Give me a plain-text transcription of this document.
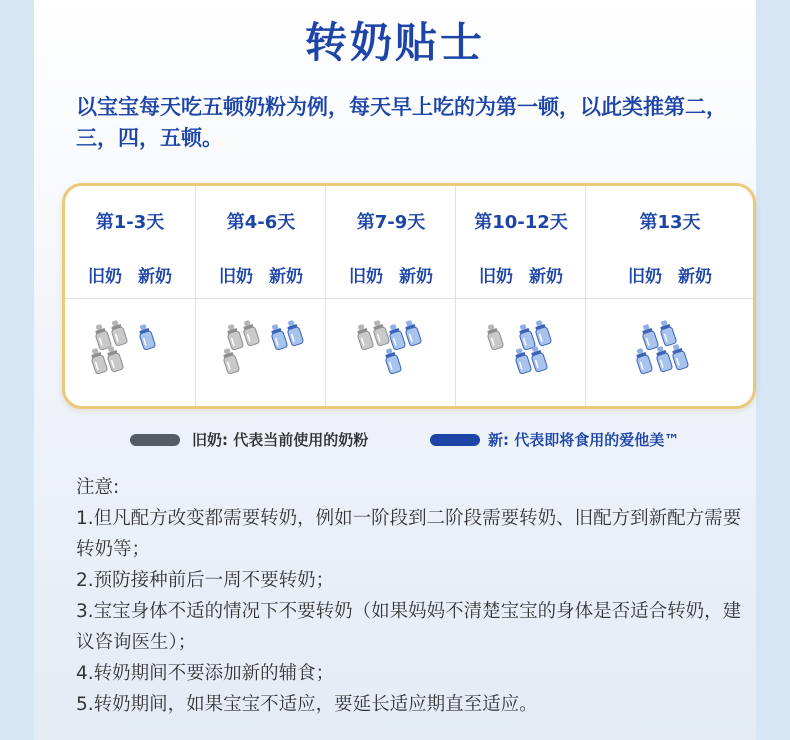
转奶贴士
以宝宝每天吃五顿奶粉为例，每天早上吃的为第一顿，以此类推第二，三，四，五顿。
第1-3天
旧奶 新奶
第4-6天
旧奶 新奶
第7-9天
旧奶 新奶
第10-12天
旧奶 新奶
第13天
旧奶 新奶
旧奶: 代表当前使用的奶粉	新: 代表即将食用的爱他美™

注意:

1.但凡配方改变都需要转奶，例如一阶段到二阶段需要转奶、旧配方到新配方需要转奶等；

2.预防接种前后一周不要转奶；

3.宝宝身体不适的情况下不要转奶（如果妈妈不清楚宝宝的身体是否适合转奶，建议咨询医生）；

4.转奶期间不要添加新的辅食；

5.转奶期间，如果宝宝不适应，要延长适应期直至适应。
